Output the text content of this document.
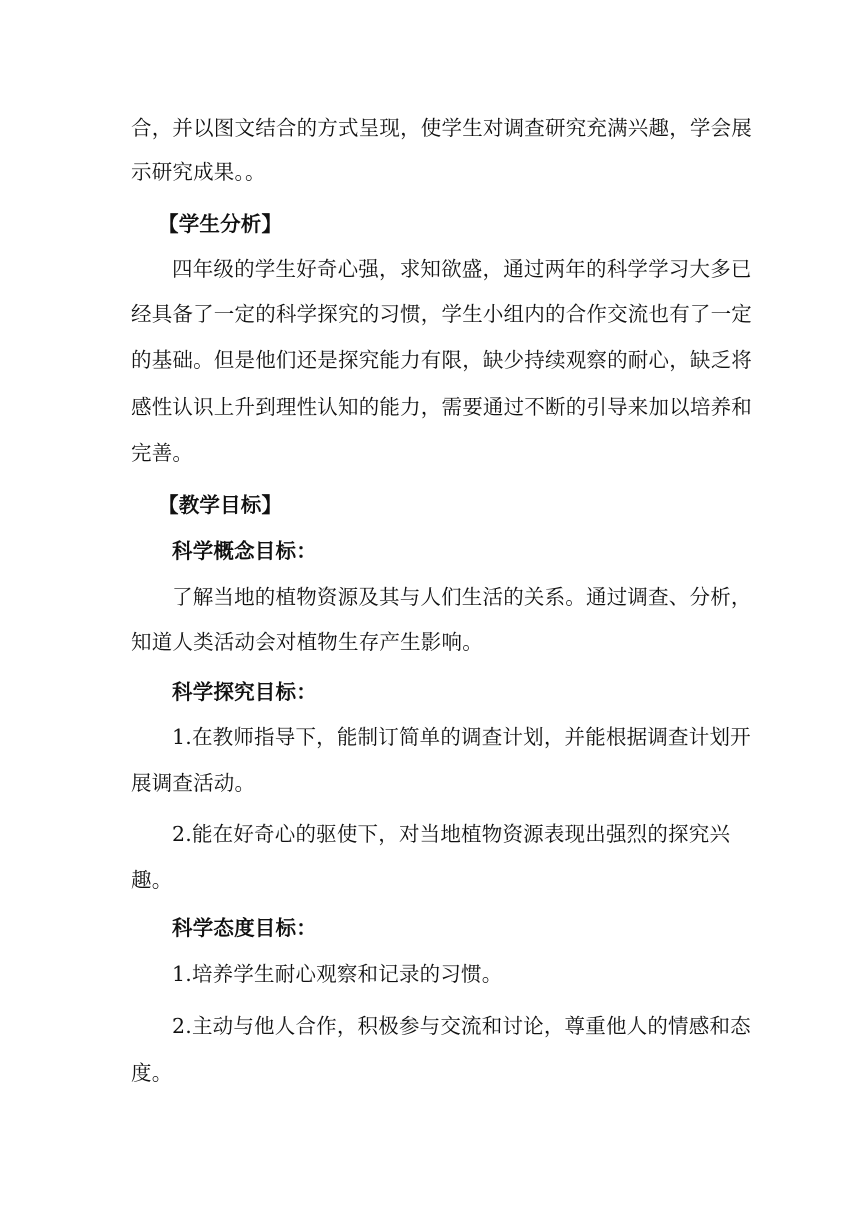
合，并以图文结合的方式呈现，使学生对调查研究充满兴趣，学会展
示研究成果。。
【学生分析】
四年级的学生好奇心强，求知欲盛，通过两年的科学学习大多已
经具备了一定的科学探究的习惯，学生小组内的合作交流也有了一定
的基础。但是他们还是探究能力有限，缺少持续观察的耐心，缺乏将
感性认识上升到理性认知的能力，需要通过不断的引导来加以培养和
完善。
【教学目标】
科学概念目标：
了解当地的植物资源及其与人们生活的关系。通过调查、分析，
知道人类活动会对植物生存产生影响。
科学探究目标：
1.在教师指导下，能制订简单的调查计划，并能根据调查计划开
展调查活动。
2.能在好奇心的驱使下，对当地植物资源表现出强烈的探究兴
趣。
科学态度目标：
1.培养学生耐心观察和记录的习惯。
2.主动与他人合作，积极参与交流和讨论，尊重他人的情感和态
度。
